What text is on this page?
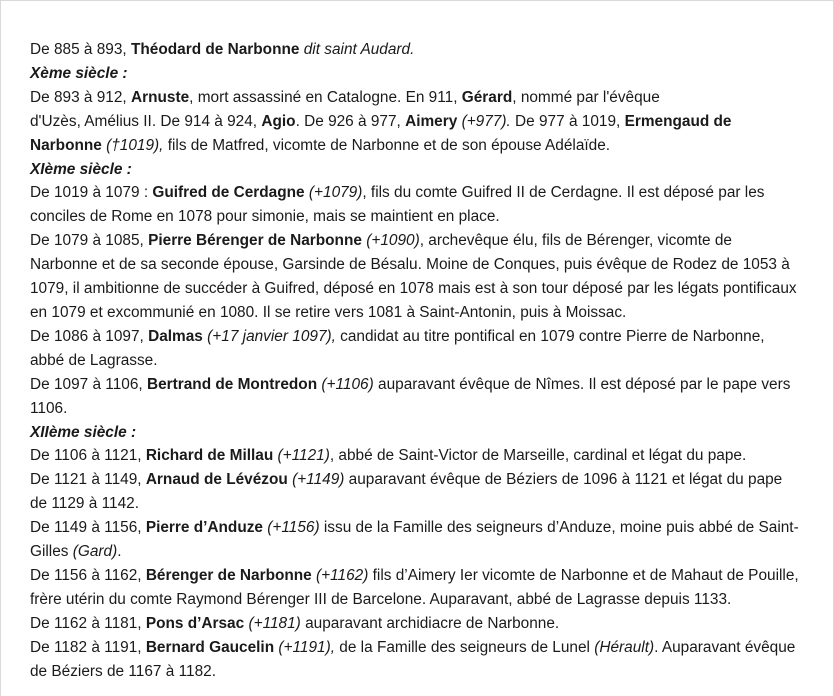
De 885 à 893, Théodard de Narbonne dit saint Audard.

Xème siècle :

De 893 à 912, Arnuste, mort assassiné en Catalogne. En 911, Gérard, nommé par l'évêque
d'Uzès, Amélius II. De 914 à 924, Agio. De 926 à 977, Aimery (+977). De 977 à 1019, Ermengaud de Narbonne (†1019), fils de Matfred, vicomte de Narbonne et de son épouse Adélaïde.

XIème siècle :

De 1019 à 1079 : Guifred de Cerdagne (+1079), fils du comte Guifred II de Cerdagne. Il est déposé par les conciles de Rome en 1078 pour simonie, mais se maintient en place.

De 1079 à 1085, Pierre Bérenger de Narbonne (+1090), archevêque élu, fils de Bérenger, vicomte de Narbonne et de sa seconde épouse, Garsinde de Bésalu. Moine de Conques, puis évêque de Rodez de 1053 à 1079, il ambitionne de succéder à Guifred, déposé en 1078 mais est à son tour déposé par les légats pontificaux en 1079 et excommunié en 1080. Il se retire vers 1081 à Saint-Antonin, puis à Moissac.

De 1086 à 1097, Dalmas (+17 janvier 1097), candidat au titre pontifical en 1079 contre Pierre de Narbonne, abbé de Lagrasse.

De 1097 à 1106, Bertrand de Montredon (+1106) auparavant évêque de Nîmes. Il est déposé par le pape vers 1106.

XIIème siècle :

De 1106 à 1121, Richard de Millau (+1121), abbé de Saint-Victor de Marseille, cardinal et légat du pape.

De 1121 à 1149, Arnaud de Lévézou (+1149) auparavant évêque de Béziers de 1096 à 1121 et légat du pape de 1129 à 1142.

De 1149 à 1156, Pierre d’Anduze (+1156) issu de la Famille des seigneurs d’Anduze, moine puis abbé de Saint-Gilles (Gard).

De 1156 à 1162, Bérenger de Narbonne (+1162) fils d’Aimery Ier vicomte de Narbonne et de Mahaut de Pouille, frère utérin du comte Raymond Bérenger III de Barcelone. Auparavant, abbé de Lagrasse depuis 1133.

De 1162 à 1181, Pons d’Arsac (+1181) auparavant archidiacre de Narbonne.

De 1182 à 1191, Bernard Gaucelin (+1191), de la Famille des seigneurs de Lunel (Hérault). Auparavant évêque de Béziers de 1167 à 1182.
